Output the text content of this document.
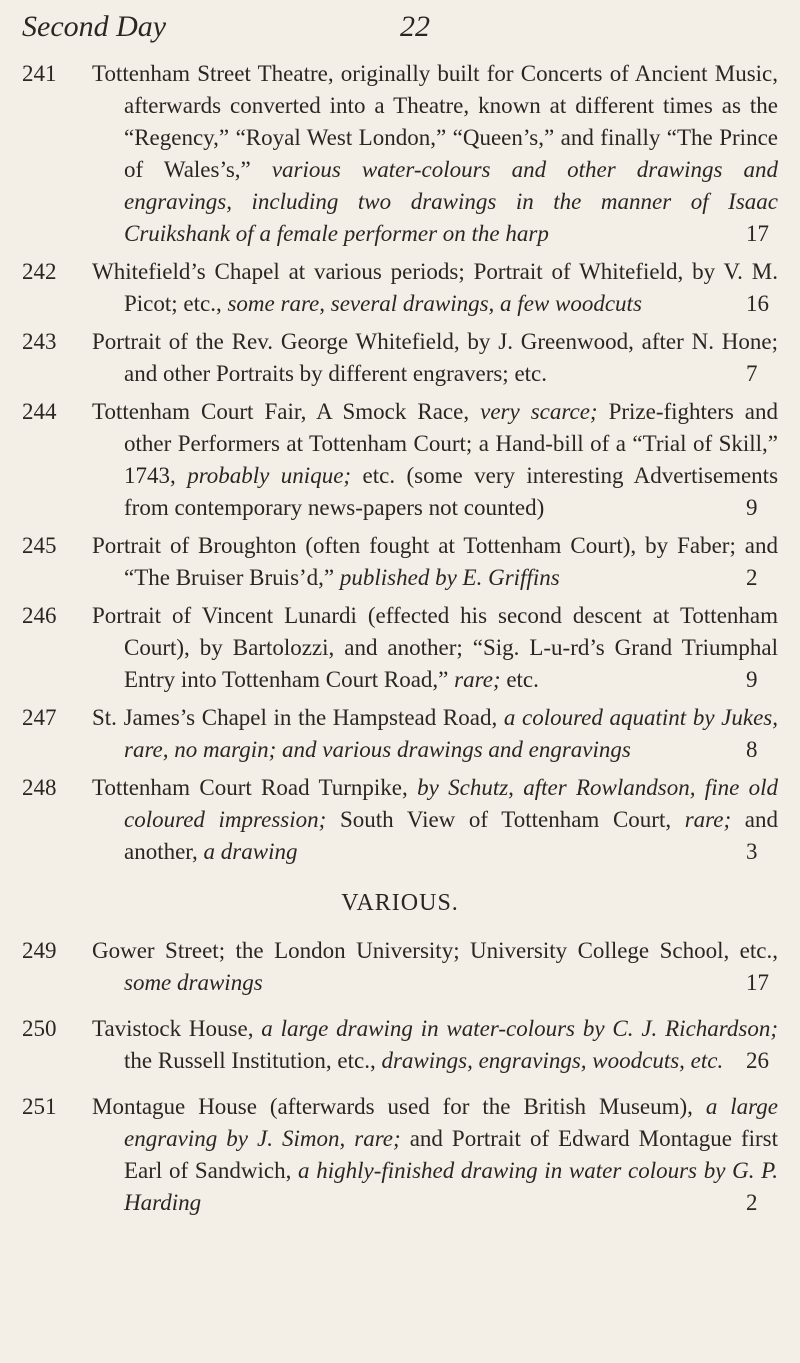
Second Day	22
241	Tottenham Street Theatre, originally built for Concerts of Ancient Music, afterwards converted into a Theatre, known at different times as the “Regency,” “Royal West London,” “Queen’s,” and finally “The Prince of Wales’s,” various water-colours and other drawings and engravings, including two drawings in the manner of Isaac Cruikshank of a female performer on the harp	17
242	Whitefield’s Chapel at various periods; Portrait of Whitefield, by V. M. Picot; etc., some rare, several drawings, a few woodcuts	16
243	Portrait of the Rev. George Whitefield, by J. Greenwood, after N. Hone; and other Portraits by different engravers; etc.	7
244	Tottenham Court Fair, A Smock Race, very scarce; Prize-fighters and other Performers at Tottenham Court; a Hand-bill of a “Trial of Skill,” 1743, probably unique; etc. (some very interesting Advertisements from contemporary news-papers not counted)	9
245	Portrait of Broughton (often fought at Tottenham Court), by Faber; and “The Bruiser Bruis’d,” published by E. Griffins	2
246	Portrait of Vincent Lunardi (effected his second descent at Tottenham Court), by Bartolozzi, and another; “Sig. L-u-rd’s Grand Triumphal Entry into Tottenham Court Road,” rare; etc.	9
247	St. James’s Chapel in the Hampstead Road, a coloured aquatint by Jukes, rare, no margin; and various drawings and engravings	8
248	Tottenham Court Road Turnpike, by Schutz, after Rowlandson, fine old coloured impression; South View of Tottenham Court, rare; and another, a drawing	3
VARIOUS.
249	Gower Street; the London University; University College School, etc., some drawings	17
250	Tavistock House, a large drawing in water-colours by C. J. Richardson; the Russell Institution, etc., drawings, engravings, woodcuts, etc. 26
251	Montague House (afterwards used for the British Museum), a large engraving by J. Simon, rare; and Portrait of Edward Montague first Earl of Sandwich, a highly-finished drawing in water colours by G. P. Harding	2
